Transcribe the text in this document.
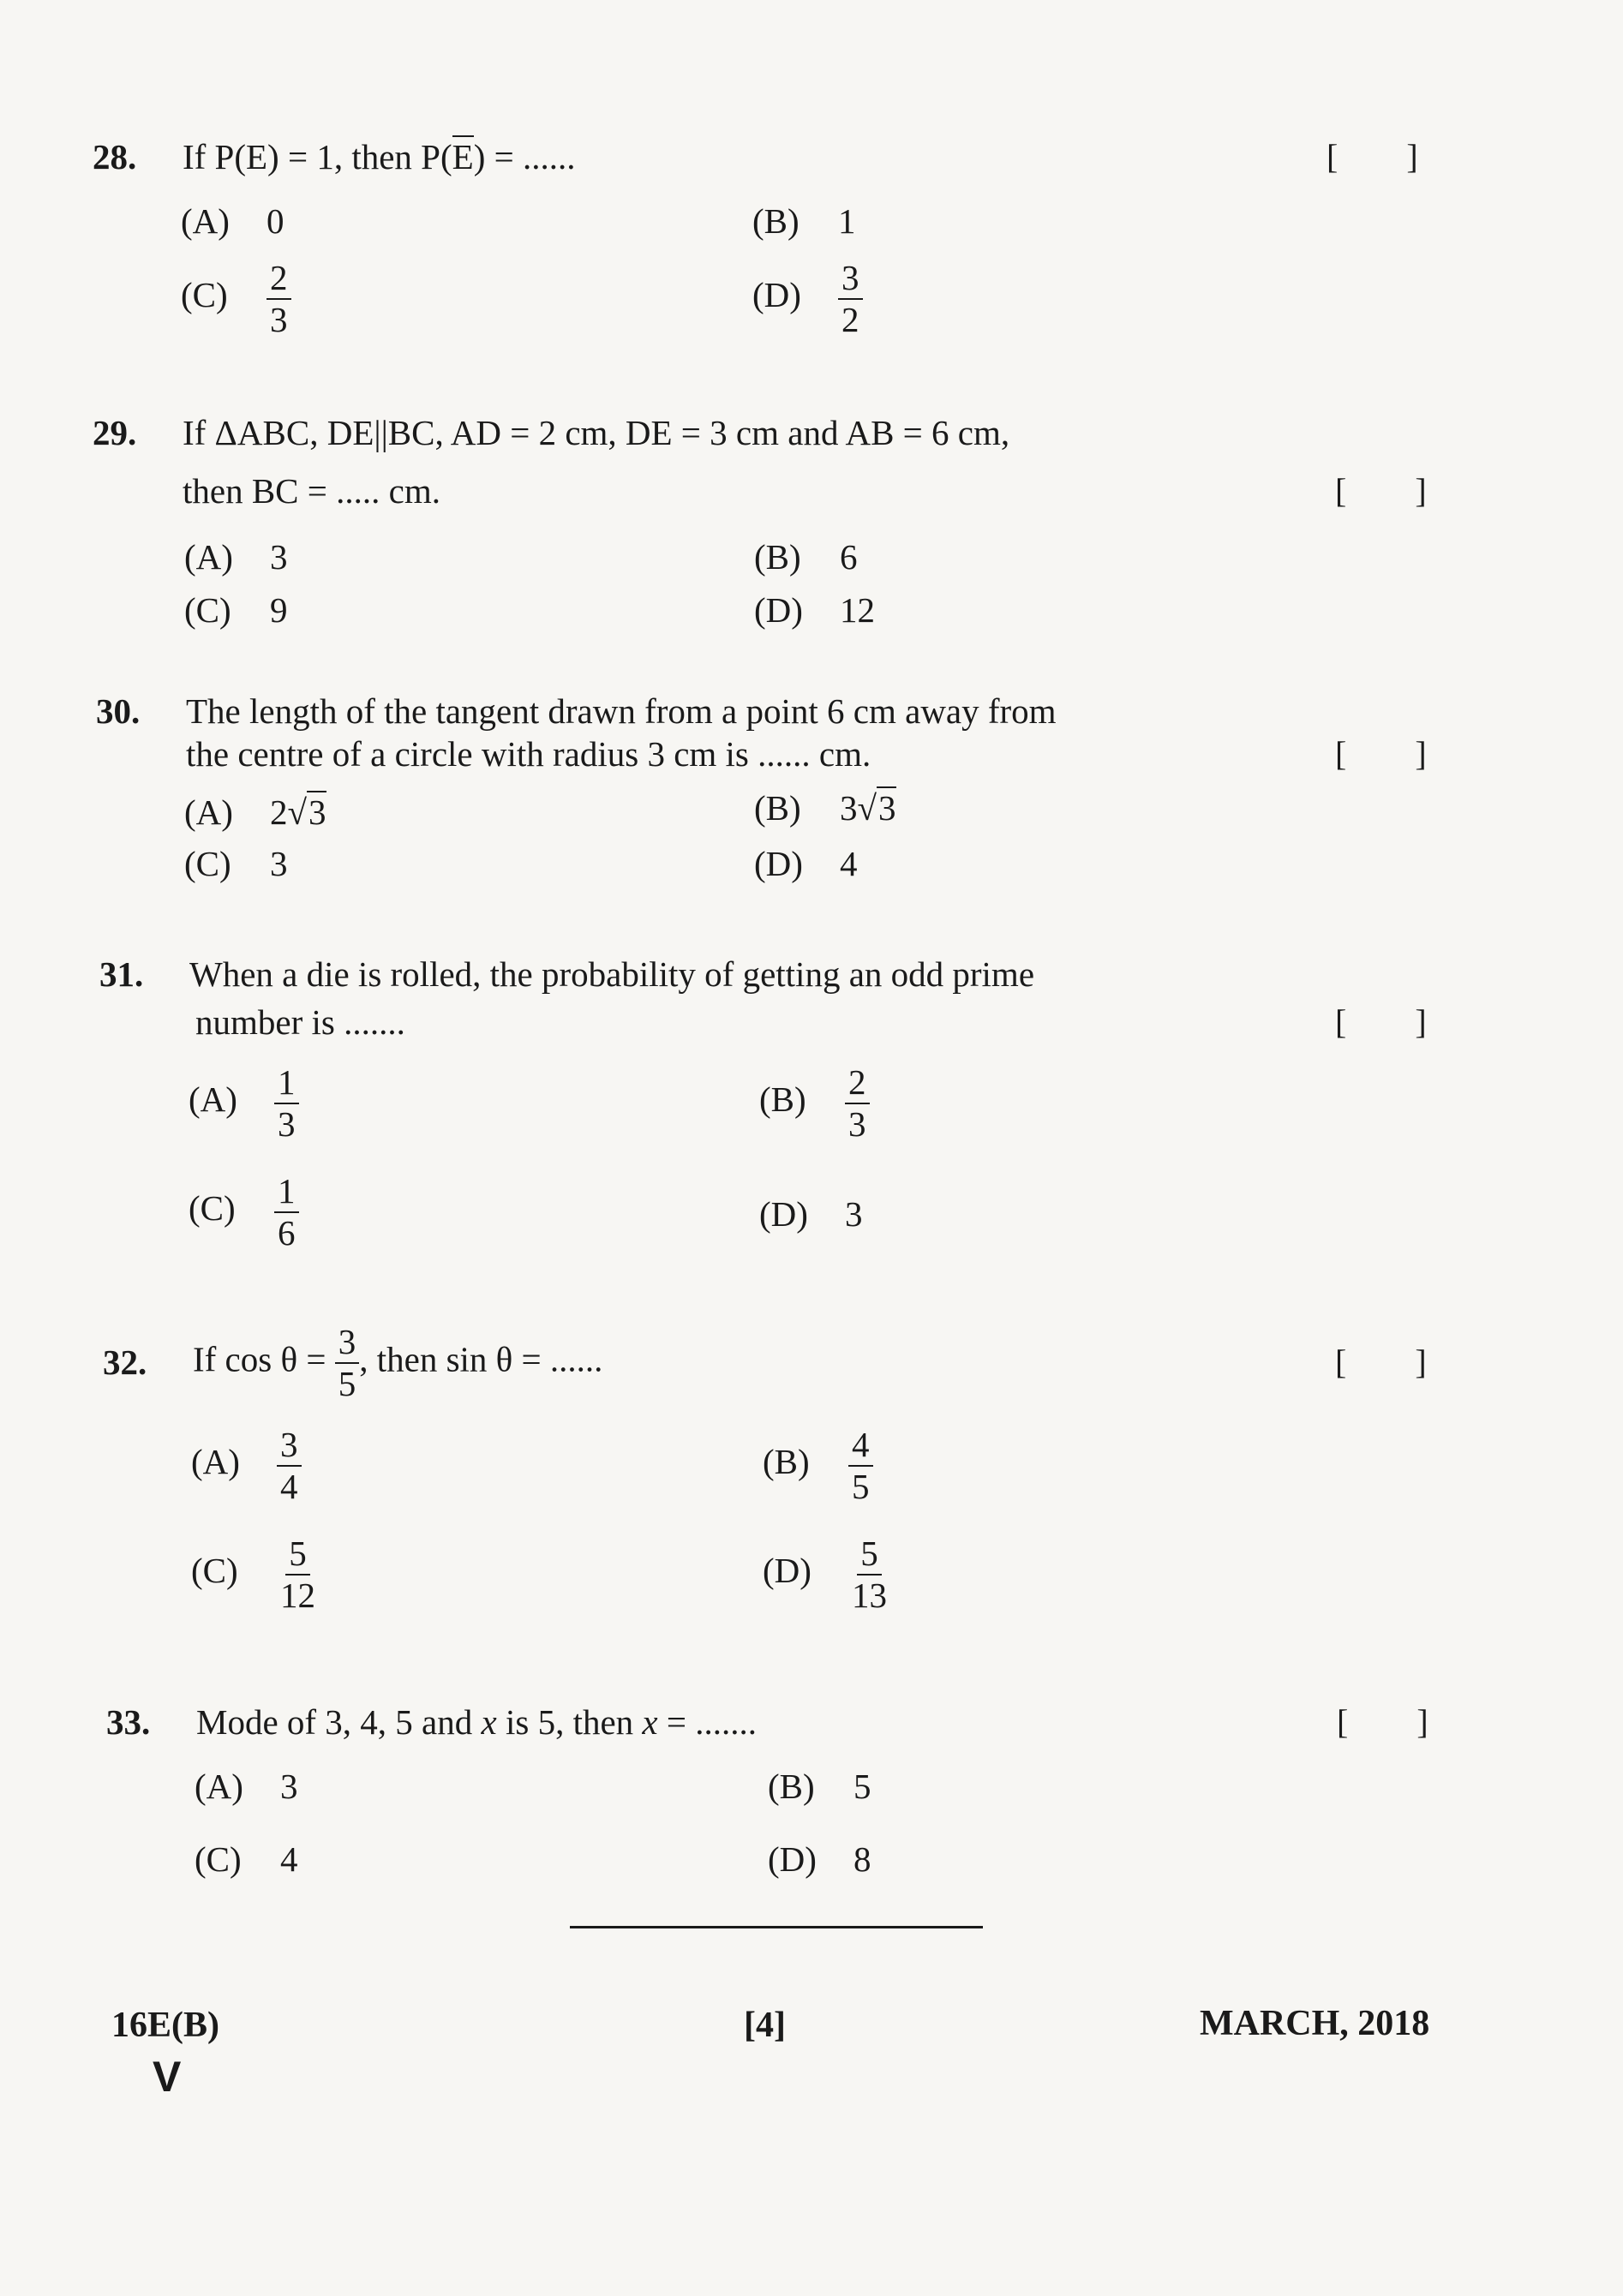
28. If P(E) = 1, then P(E) = ......	[        ]
(A) 0	(B) 1
$(C) \frac{2}{3}$	$(D) \frac{3}{2}$
29. If ΔABC, DE||BC, AD = 2 cm, DE = 3 cm and AB = 6 cm,
then BC = ..... cm.	[        ]
(A) 3	(B) 6
(C) 9	(D) 12
30. The length of the tangent drawn from a point 6 cm away from
the centre of a circle with radius 3 cm is ...... cm.	[        ]
(A) 2√3	(B) 3√3
(C) 3	(D) 4
31. When a die is rolled, the probability of getting an odd prime
number is .......	[        ]
$(A) \frac{1}{3}$	$(B) \frac{2}{3}$
$(C) \frac{1}{6}$	(D) 3
32. If $\cos \theta = \frac{3}{5}$ , then sin θ = ......	[        ]
$(A) \frac{3}{4}$	$(B) \frac{4}{5}$
$(C) \frac{5}{12}$	$(D) \frac{5}{13}$
33. Mode of 3, 4, 5 and x is 5, then x = .......	[        ]
(A) 3	(B) 5
(C) 4	(D) 8
16E(B)
V
[4]	MARCH, 2018
